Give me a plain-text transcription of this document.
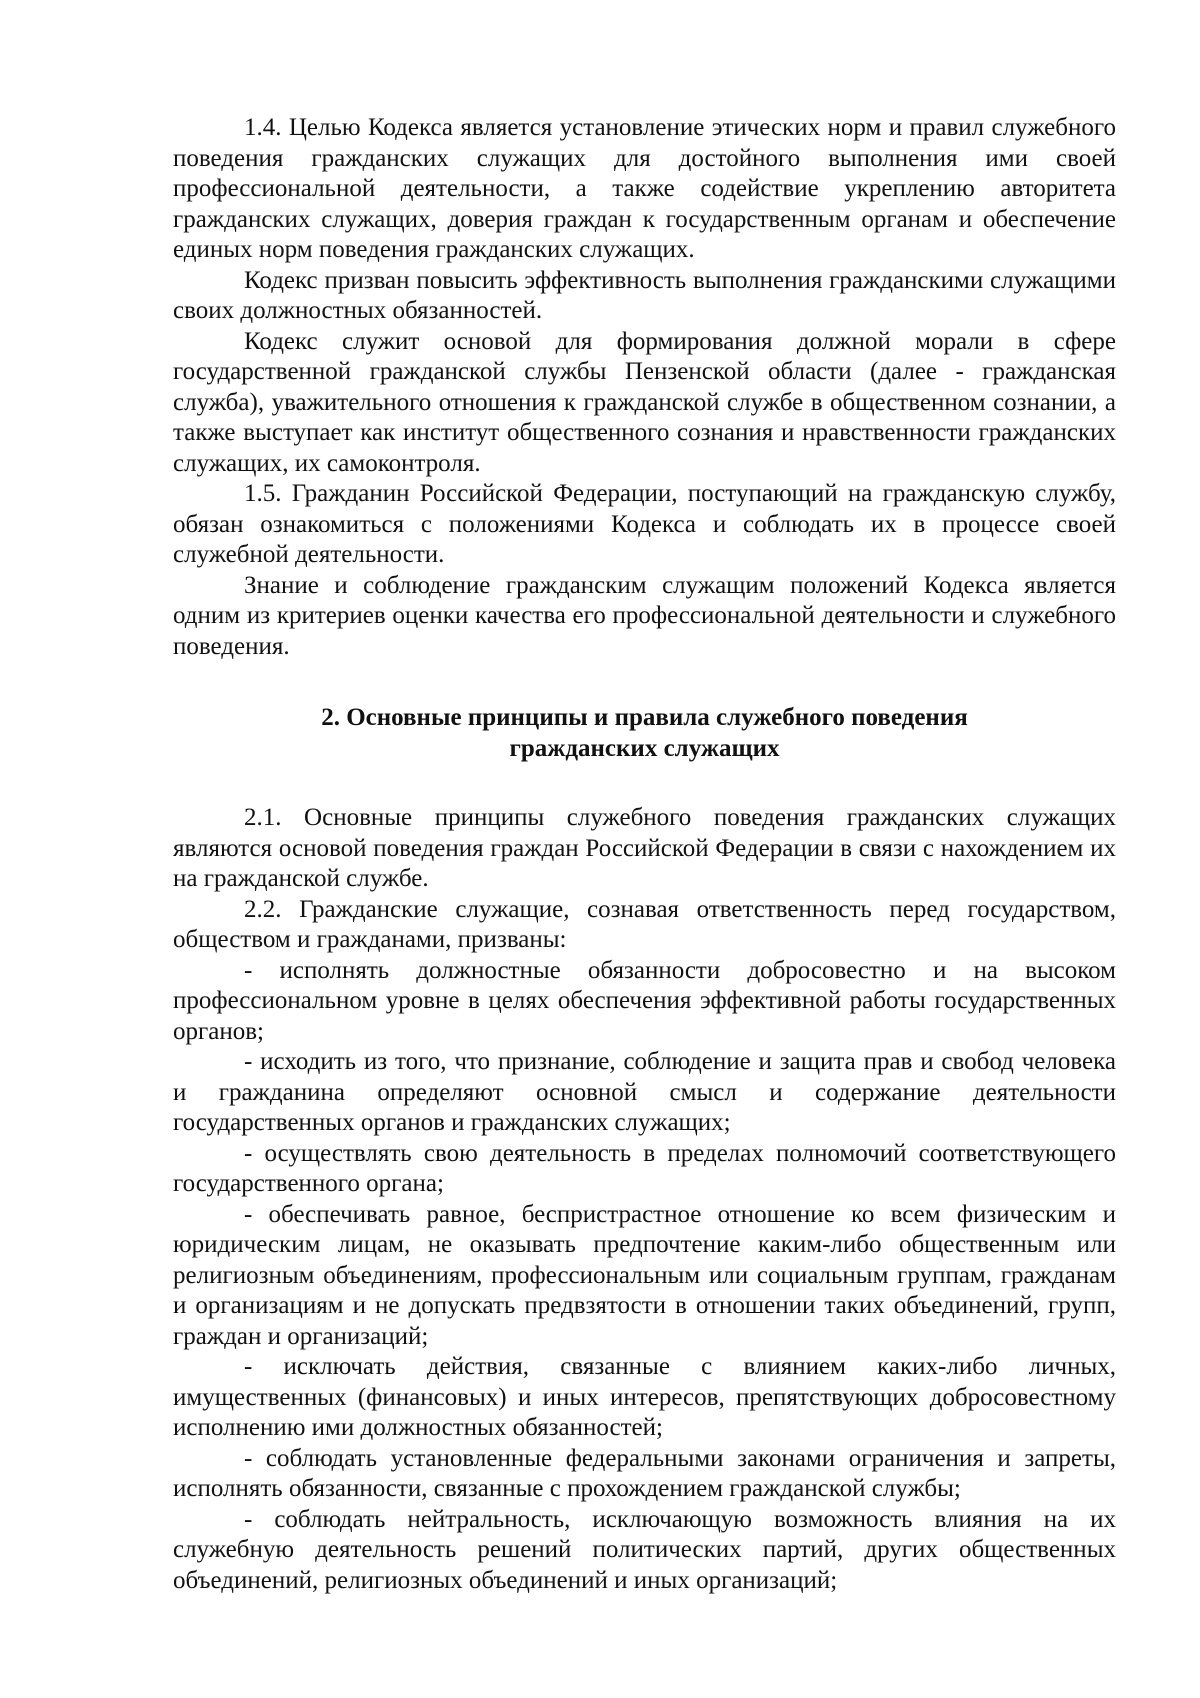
1.4. Целью Кодекса является установление этических норм и правил служебного поведения гражданских служащих для достойного выполнения ими своей профессиональной деятельности, а также содействие укреплению авторитета гражданских служащих, доверия граждан к государственным органам и обеспечение единых норм поведения гражданских служащих.

Кодекс призван повысить эффективность выполнения гражданскими служащими своих должностных обязанностей.

Кодекс служит основой для формирования должной морали в сфере государственной гражданской службы Пензенской области (далее - гражданская служба), уважительного отношения к гражданской службе в общественном сознании, а также выступает как институт общественного сознания и нравственности гражданских служащих, их самоконтроля.

1.5. Гражданин Российской Федерации, поступающий на гражданскую службу, обязан ознакомиться с положениями Кодекса и соблюдать их в процессе своей служебной деятельности.

Знание и соблюдение гражданским служащим положений Кодекса является одним из критериев оценки качества его профессиональной деятельности и служебного поведения.

2. Основные принципы и правила служебного поведения
гражданских служащих

2.1. Основные принципы служебного поведения гражданских служащих являются основой поведения граждан Российской Федерации в связи с нахождением их на гражданской службе.

2.2. Гражданские служащие, сознавая ответственность перед государством, обществом и гражданами, призваны:

- исполнять должностные обязанности добросовестно и на высоком профессиональном уровне в целях обеспечения эффективной работы государственных органов;

- исходить из того, что признание, соблюдение и защита прав и свобод человека и гражданина определяют основной смысл и содержание деятельности государственных органов и гражданских служащих;

- осуществлять свою деятельность в пределах полномочий соответствующего государственного органа;

- обеспечивать равное, беспристрастное отношение ко всем физическим и юридическим лицам, не оказывать предпочтение каким-либо общественным или религиозным объединениям, профессиональным или социальным группам, гражданам и организациям и не допускать предвзятости в отношении таких объединений, групп, граждан и организаций;

- исключать действия, связанные с влиянием каких-либо личных, имущественных (финансовых) и иных интересов, препятствующих добросовестному исполнению ими должностных обязанностей;

- соблюдать установленные федеральными законами ограничения и запреты, исполнять обязанности, связанные с прохождением гражданской службы;

- соблюдать нейтральность, исключающую возможность влияния на их служебную деятельность решений политических партий, других общественных объединений, религиозных объединений и иных организаций;
